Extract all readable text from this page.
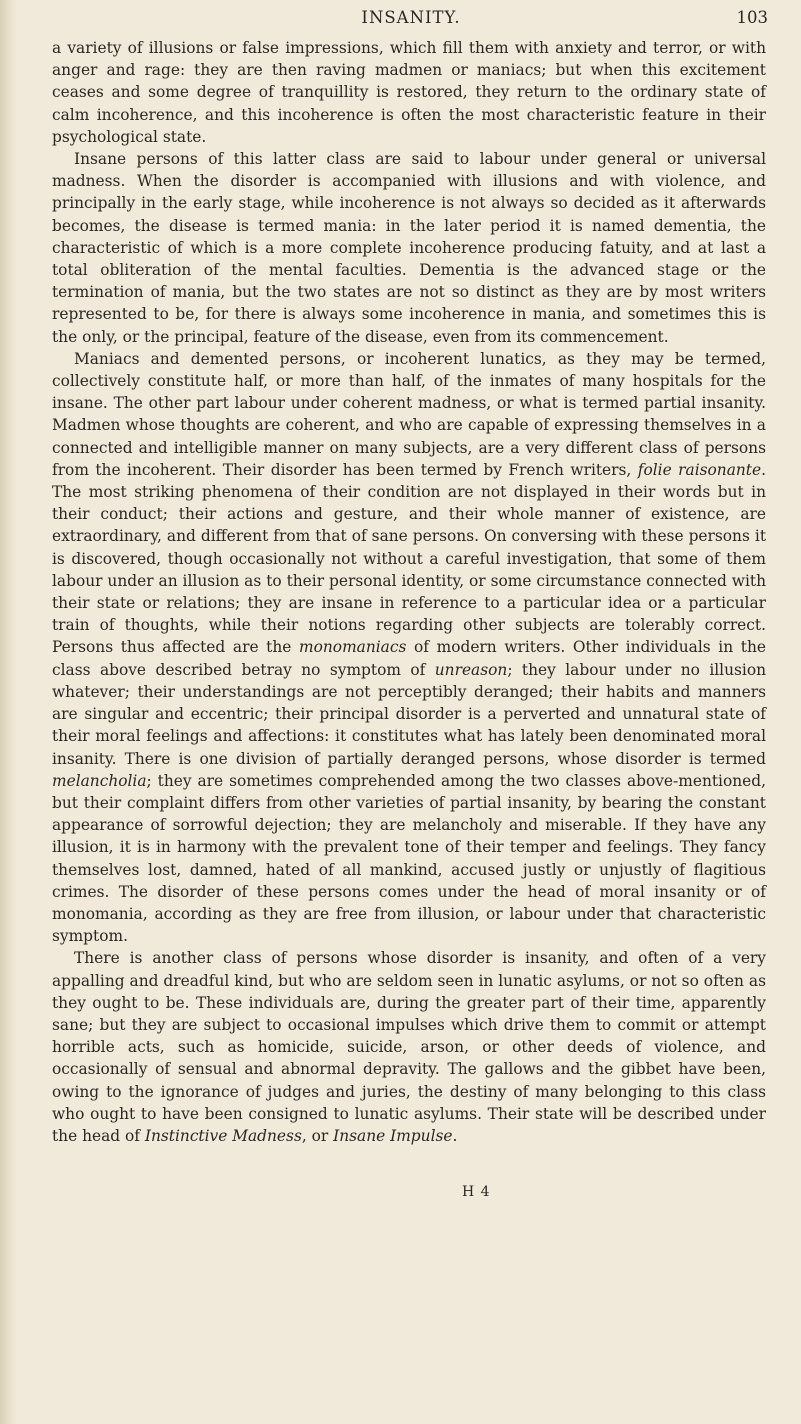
INSANITY.	103

a variety of illusions or false impressions, which fill them with anxiety and terror, or with anger and rage: they are then raving madmen or maniacs; but when this excitement ceases and some degree of tranquillity is restored, they return to the ordinary state of calm incoherence, and this incoherence is often the most characteristic feature in their psychological state.

Insane persons of this latter class are said to labour under general or universal madness. When the disorder is accompanied with illusions and with violence, and principally in the early stage, while incoherence is not always so decided as it afterwards becomes, the disease is termed mania: in the later period it is named dementia, the characteristic of which is a more complete incoherence producing fatuity, and at last a total obliteration of the mental faculties. Dementia is the advanced stage or the termination of mania, but the two states are not so distinct as they are by most writers represented to be, for there is always some incoherence in mania, and sometimes this is the only, or the principal, feature of the disease, even from its commencement.

Maniacs and demented persons, or incoherent lunatics, as they may be termed, collectively constitute half, or more than half, of the inmates of many hospitals for the insane. The other part labour under coherent madness, or what is termed partial insanity. Madmen whose thoughts are coherent, and who are capable of expressing themselves in a connected and intelligible manner on many subjects, are a very different class of persons from the incoherent. Their disorder has been termed by French writers, folie raisonante. The most striking phenomena of their condition are not displayed in their words but in their conduct; their actions and gesture, and their whole manner of existence, are extraordinary, and different from that of sane persons. On conversing with these persons it is discovered, though occasionally not without a careful investigation, that some of them labour under an illusion as to their personal identity, or some circumstance connected with their state or relations; they are insane in reference to a particular idea or a particular train of thoughts, while their notions regarding other subjects are tolerably correct. Persons thus affected are the monomaniacs of modern writers. Other individuals in the class above described betray no symptom of unreason; they labour under no illusion whatever; their understandings are not perceptibly deranged; their habits and manners are singular and eccentric; their principal disorder is a perverted and unnatural state of their moral feelings and affections: it constitutes what has lately been denominated moral insanity. There is one division of partially deranged persons, whose disorder is termed melancholia; they are sometimes comprehended among the two classes above-mentioned, but their complaint differs from other varieties of partial insanity, by bearing the constant appearance of sorrowful dejection; they are melancholy and miserable. If they have any illusion, it is in harmony with the prevalent tone of their temper and feelings. They fancy themselves lost, damned, hated of all mankind, accused justly or unjustly of flagitious crimes. The disorder of these persons comes under the head of moral insanity or of monomania, according as they are free from illusion, or labour under that characteristic symptom.

There is another class of persons whose disorder is insanity, and often of a very appalling and dreadful kind, but who are seldom seen in lunatic asylums, or not so often as they ought to be. These individuals are, during the greater part of their time, apparently sane; but they are subject to occasional impulses which drive them to commit or attempt horrible acts, such as homicide, suicide, arson, or other deeds of violence, and occasionally of sensual and abnormal depravity. The gallows and the gibbet have been, owing to the ignorance of judges and juries, the destiny of many belonging to this class who ought to have been consigned to lunatic asylums. Their state will be described under the head of Instinctive Madness, or Insane Impulse.

H 4
